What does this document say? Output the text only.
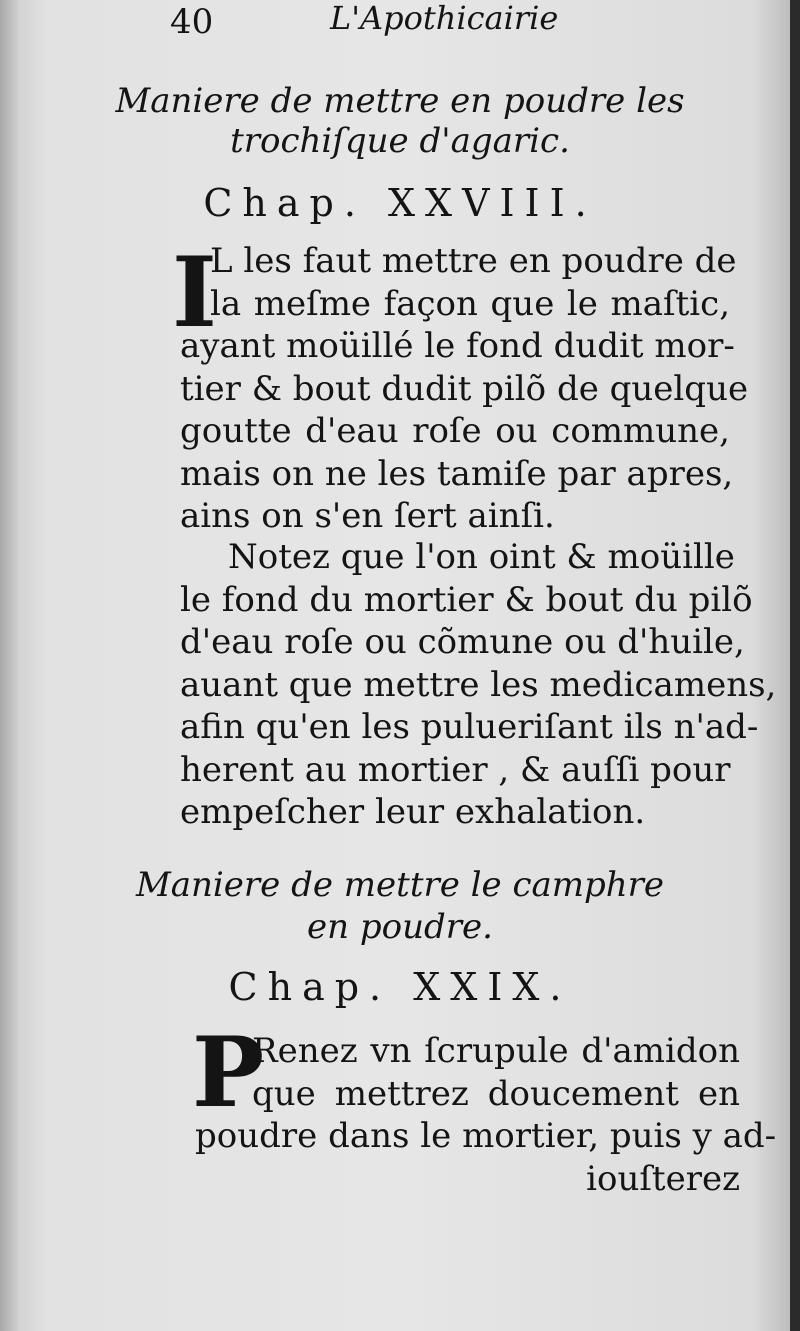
40	L'Apothicairie
Maniere de mettre en poudre les
trochiſque d'agaric.
Chap. XXVIII.
I
L les faut mettre en poudre de
la meſme façon que le maſtic,
ayant moüillé le fond dudit mor-
tier & bout dudit pilõ de quelque
goutte d'eau roſe ou commune,
mais on ne les tamiſe par apres,
ains on s'en ſert ainſi.
Notez que l'on oint & moüille
le fond du mortier & bout du pilõ
d'eau roſe ou cõmune ou d'huile,
auant que mettre les medicamens,
afin qu'en les pulueriſant ils n'ad-
herent au mortier , & auſſi pour
empeſcher leur exhalation.
Maniere de mettre le camphre
en poudre.
Chap. XXIX.
P
Renez vn ſcrupule d'amidon
que mettrez doucement en
poudre dans le mortier, puis y ad-
iouſterez
